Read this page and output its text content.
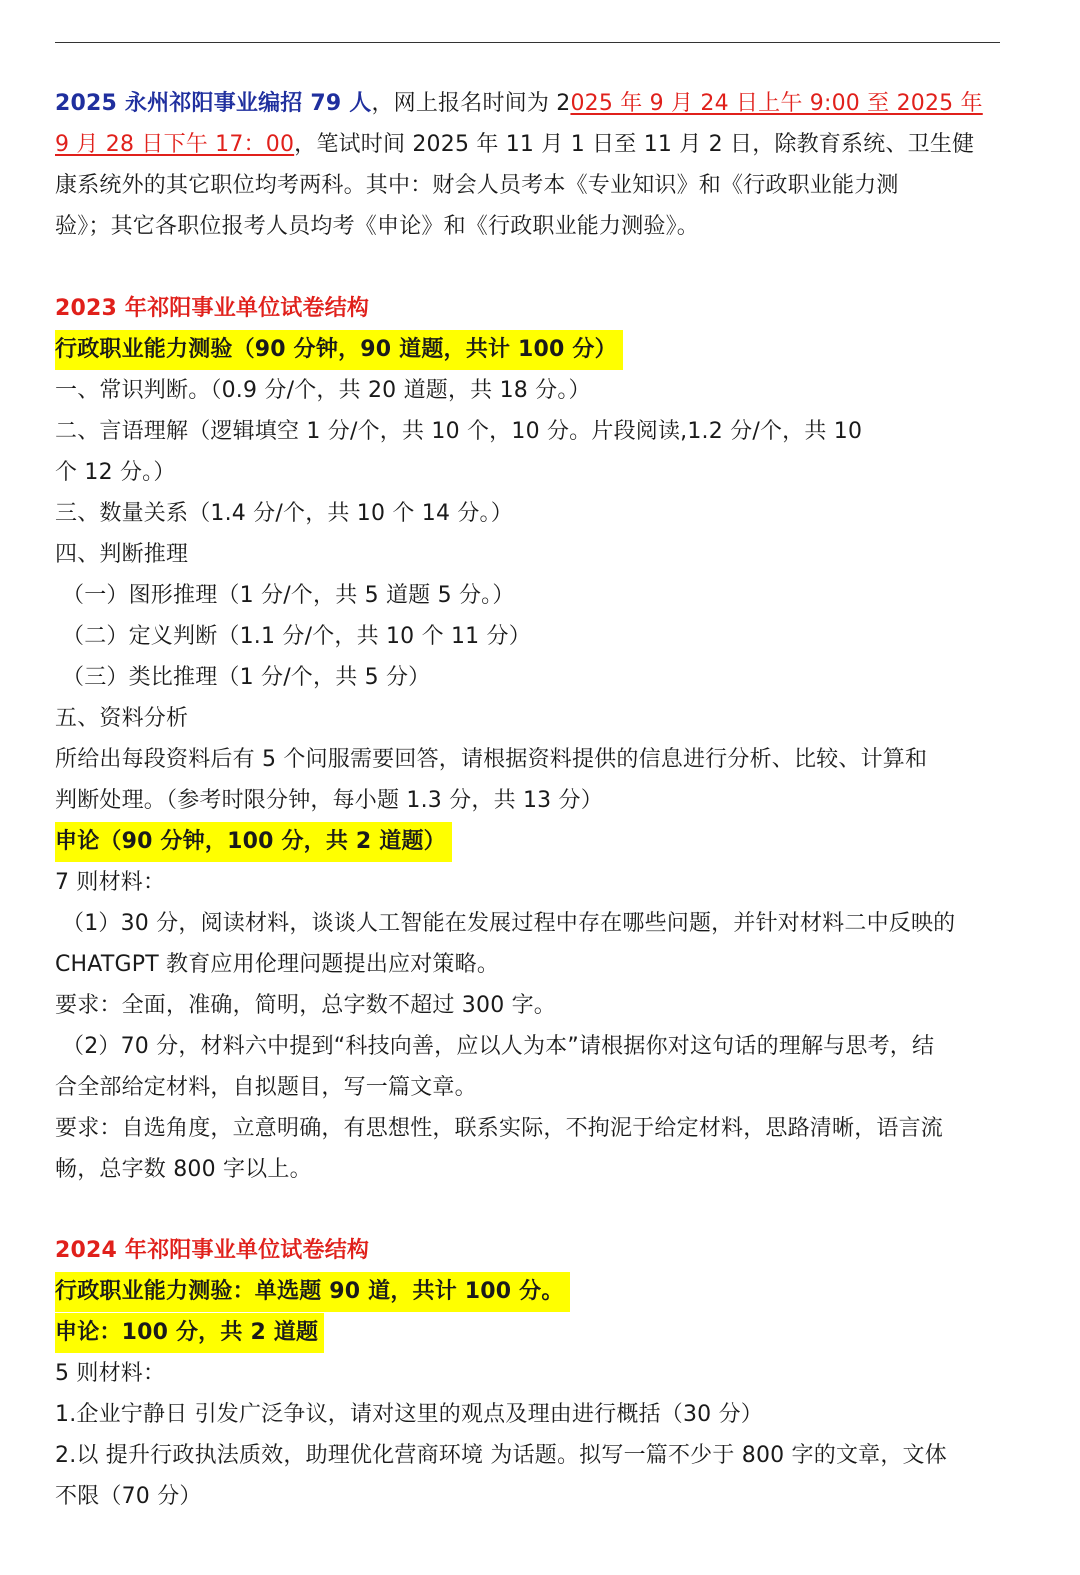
2025 永州祁阳事业编招 79 人，网上报名时间为 2025 年 9 月 24 日上午 9:00 至 2025 年
9 月 28 日下午 17：00，笔试时间 2025 年 11 月 1 日至 11 月 2 日，除教育系统、卫生健
康系统外的其它职位均考两科。其中：财会人员考本《专业知识》和《行政职业能力测
验》；其它各职位报考人员均考《申论》和《行政职业能力测验》。
2023 年祁阳事业单位试卷结构
行政职业能力测验（90 分钟，90 道题，共计 100 分）
一、常识判断。（0.9 分/个，共 20 道题，共 18 分。）
二、言语理解（逻辑填空 1 分/个，共 10 个，10 分。片段阅读,1.2 分/个，共 10
个 12 分。）
三、数量关系（1.4 分/个，共 10 个 14 分。）
四、判断推理
（一）图形推理（1 分/个，共 5 道题 5 分。）
（二）定义判断（1.1 分/个，共 10 个 11 分）
（三）类比推理（1 分/个，共 5 分）
五、资料分析
所给出每段资料后有 5 个问服需要回答，请根据资料提供的信息进行分析、比较、计算和
判断处理。（参考时限分钟，每小题 1.3 分，共 13 分）
申论（90 分钟，100 分，共 2 道题）
7 则材料：
（1）30 分，阅读材料，谈谈人工智能在发展过程中存在哪些问题，并针对材料二中反映的
CHATGPT 教育应用伦理问题提出应对策略。
要求：全面，准确，简明，总字数不超过 300 字。
（2）70 分，材料六中提到“科技向善，应以人为本”请根据你对这句话的理解与思考，结
合全部给定材料，自拟题目，写一篇文章。
要求：自选角度，立意明确，有思想性，联系实际，不拘泥于给定材料，思路清晰，语言流
畅，总字数 800 字以上。
2024 年祁阳事业单位试卷结构
行政职业能力测验：单选题 90 道，共计 100 分。
申论：100 分，共 2 道题
5 则材料：
1.企业宁静日 引发广泛争议，请对这里的观点及理由进行概括（30 分）
2.以 提升行政执法质效，助理优化营商环境 为话题。拟写一篇不少于 800 字的文章，文体
不限（70 分）
